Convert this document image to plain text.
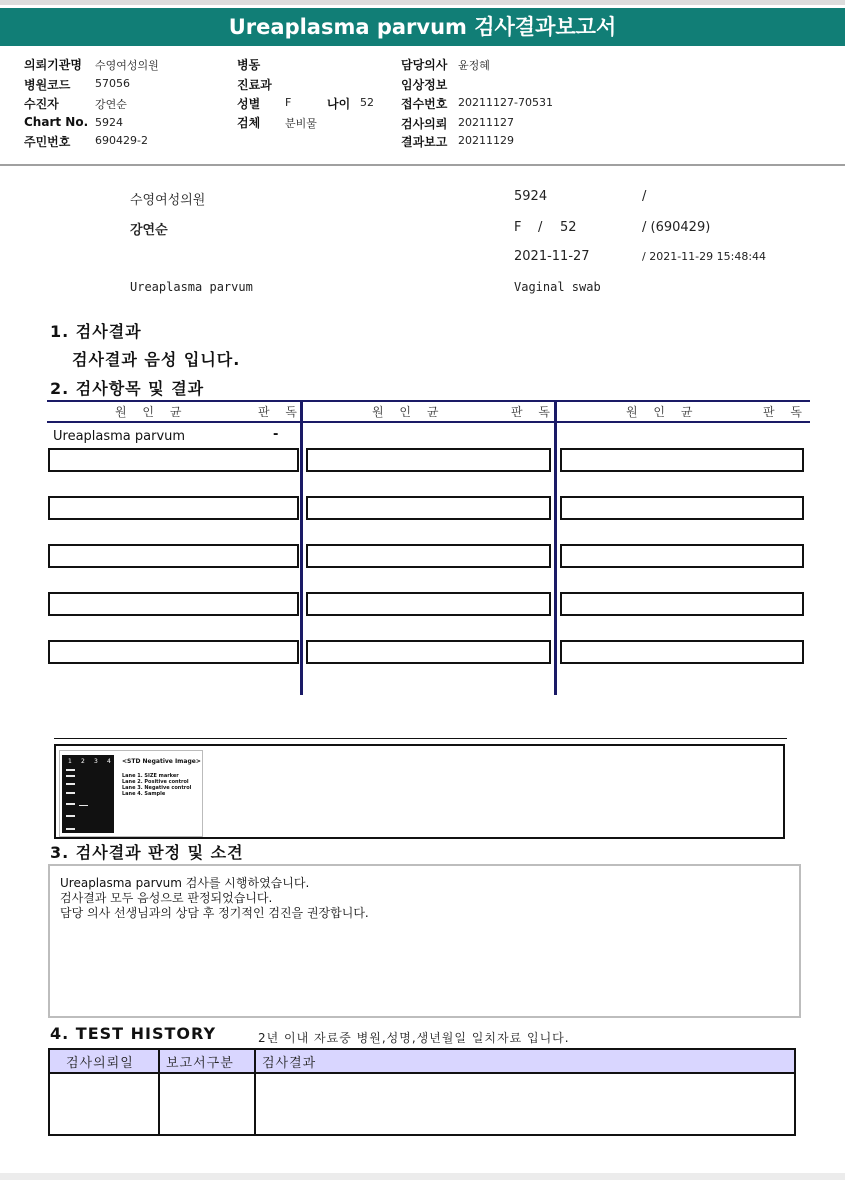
Ureaplasma parvum 검사결과보고서
의뢰기관명 수영여성의원
병원코드 57056
수진자	강연순
Chart No. 5924
주민번호 690429-2
병동
진료과
성별 F	나이 52
검체 분비물
담당의사 윤정혜
임상정보
접수번호 20211127-70531
검사의뢰 20211127
결과보고 20211129
수영여성의원
강연순
Ureaplasma parvum
5924	/
F / 52	/ (690429)
2021-11-27	/ 2021-11-29 15:48:44
Vaginal swab
1. 검사결과
검사결과 음성 입니다.
2. 검사항목 및 결과
원 인 균	판 독	원 인 균	판 독	원 인 균	판 독
Ureaplasma parvum	-
1 2 3 4 <STD Negative Image>
Lane 1. SIZE marker
Lane 2. Positive control
Lane 3. Negative control
Lane 4. Sample
3. 검사결과 판정 및 소견
Ureaplasma parvum 검사를 시행하였습니다.
검사결과 모두 음성으로 판정되었습니다.
담당 의사 선생님과의 상담 후 정기적인 검진을 권장합니다.
4. TEST HISTORY	2년 이내 자료중 병원,성명,생년월일 일치자료 입니다.
검사의뢰일 보고서구분 검사결과
